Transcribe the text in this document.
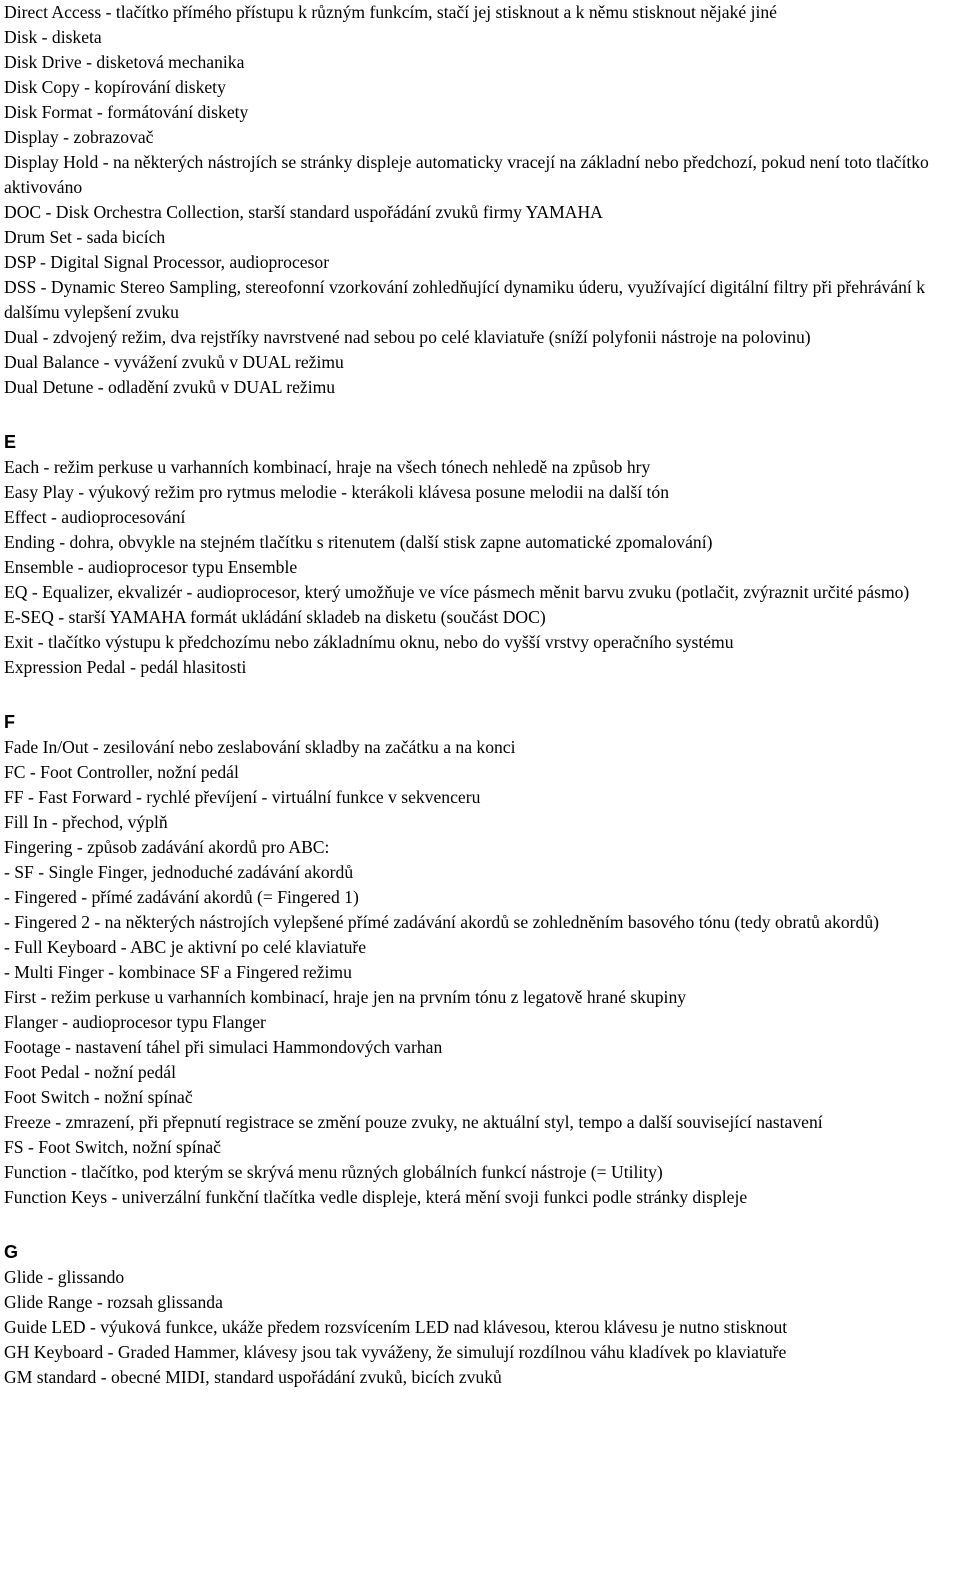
Direct Access - tlačítko přímého přístupu k různým funkcím, stačí jej stisknout a k němu stisknout nějaké jiné
Disk - disketa
Disk Drive - disketová mechanika
Disk Copy - kopírování diskety
Disk Format - formátování diskety
Display - zobrazovač
Display Hold - na některých nástrojích se stránky displeje automaticky vracejí na základní nebo předchozí, pokud není toto tlačítko aktivováno
DOC - Disk Orchestra Collection, starší standard uspořádání zvuků firmy YAMAHA
Drum Set - sada bicích
DSP - Digital Signal Processor, audioprocesor
DSS - Dynamic Stereo Sampling, stereofonní vzorkování zohledňující dynamiku úderu, využívající digitální filtry při přehrávání k dalšímu vylepšení zvuku
Dual - zdvojený režim, dva rejstříky navrstvené nad sebou po celé klaviatuře (sníží polyfonii nástroje na polovinu)
Dual Balance - vyvážení zvuků v DUAL režimu
Dual Detune - odladění zvuků v DUAL režimu
E
Each - režim perkuse u varhanních kombinací, hraje na všech tónech nehledě na způsob hry
Easy Play - výukový režim pro rytmus melodie - kterákoli klávesa posune melodii na další tón
Effect - audioprocesování
Ending - dohra, obvykle na stejném tlačítku s ritenutem (další stisk zapne automatické zpomalování)
Ensemble - audioprocesor typu Ensemble
EQ - Equalizer, ekvalizér - audioprocesor, který umožňuje ve více pásmech měnit barvu zvuku (potlačit, zvýraznit určité pásmo)
E-SEQ - starší YAMAHA formát ukládání skladeb na disketu (součást DOC)
Exit - tlačítko výstupu k předchozímu nebo základnímu oknu, nebo do vyšší vrstvy operačního systému
Expression Pedal - pedál hlasitosti
F
Fade In/Out - zesilování nebo zeslabování skladby na začátku a na konci
FC - Foot Controller, nožní pedál
FF - Fast Forward - rychlé převíjení - virtuální funkce v sekvenceru
Fill In - přechod, výplň
Fingering - způsob zadávání akordů pro ABC:
- SF - Single Finger, jednoduché zadávání akordů
- Fingered - přímé zadávání akordů (= Fingered 1)
- Fingered 2 - na některých nástrojích vylepšené přímé zadávání akordů se zohledněním basového tónu (tedy obratů akordů)
- Full Keyboard - ABC je aktivní po celé klaviatuře
- Multi Finger - kombinace SF a Fingered režimu
First - režim perkuse u varhanních kombinací, hraje jen na prvním tónu z legatově hrané skupiny
Flanger - audioprocesor typu Flanger
Footage - nastavení táhel při simulaci Hammondových varhan
Foot Pedal - nožní pedál
Foot Switch - nožní spínač
Freeze - zmrazení, při přepnutí registrace se změní pouze zvuky, ne aktuální styl, tempo a další související nastavení
FS - Foot Switch, nožní spínač
Function - tlačítko, pod kterým se skrývá menu různých globálních funkcí nástroje (= Utility)
Function Keys - univerzální funkční tlačítka vedle displeje, která mění svoji funkci podle stránky displeje
G
Glide - glissando
Glide Range - rozsah glissanda
Guide LED - výuková funkce, ukáže předem rozsvícením LED nad klávesou, kterou klávesu je nutno stisknout
GH Keyboard - Graded Hammer, klávesy jsou tak vyváženy, že simulují rozdílnou váhu kladívek po klaviatuře
GM standard - obecné MIDI, standard uspořádání zvuků, bicích zvuků
